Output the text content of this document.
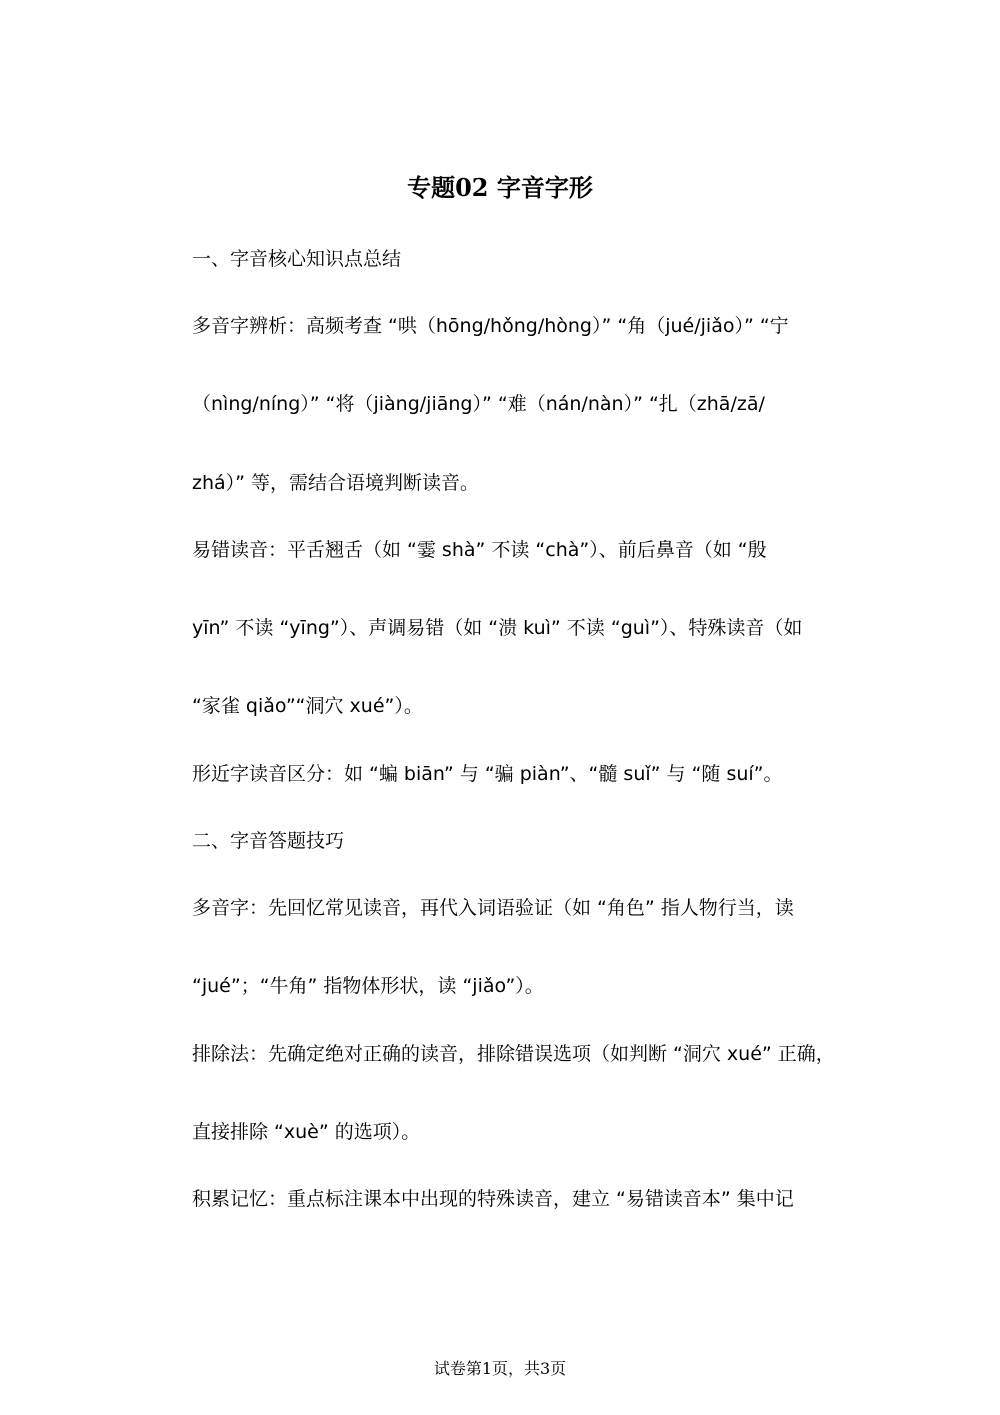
专题02 字音字形
一、字音核心知识点总结
多音字辨析：高频考查 “哄（hōng/hǒng/hòng）” “角（jué/jiǎo）” “宁
（nìng/níng）” “将（jiàng/jiāng）” “难（nán/nàn）” “扎（zhā/zā/
zhá）” 等，需结合语境判断读音。
易错读音：平舌翘舌（如 “霎 shà” 不读 “chà”）、前后鼻音（如 “殷
yīn” 不读 “yīng”）、声调易错（如 “溃 kuì” 不读 “guì”）、特殊读音（如
“家雀 qiǎo”“洞穴 xué”）。
形近字读音区分：如 “蝙 biān” 与 “骗 piàn”、“髓 suǐ” 与 “随 suí”。
二、字音答题技巧
多音字：先回忆常见读音，再代入词语验证（如 “角色” 指人物行当，读
“jué”；“牛角” 指物体形状，读 “jiǎo”）。
排除法：先确定绝对正确的读音，排除错误选项（如判断 “洞穴 xué” 正确，
直接排除 “xuè” 的选项）。
积累记忆：重点标注课本中出现的特殊读音，建立 “易错读音本” 集中记
试卷第1页，共3页
